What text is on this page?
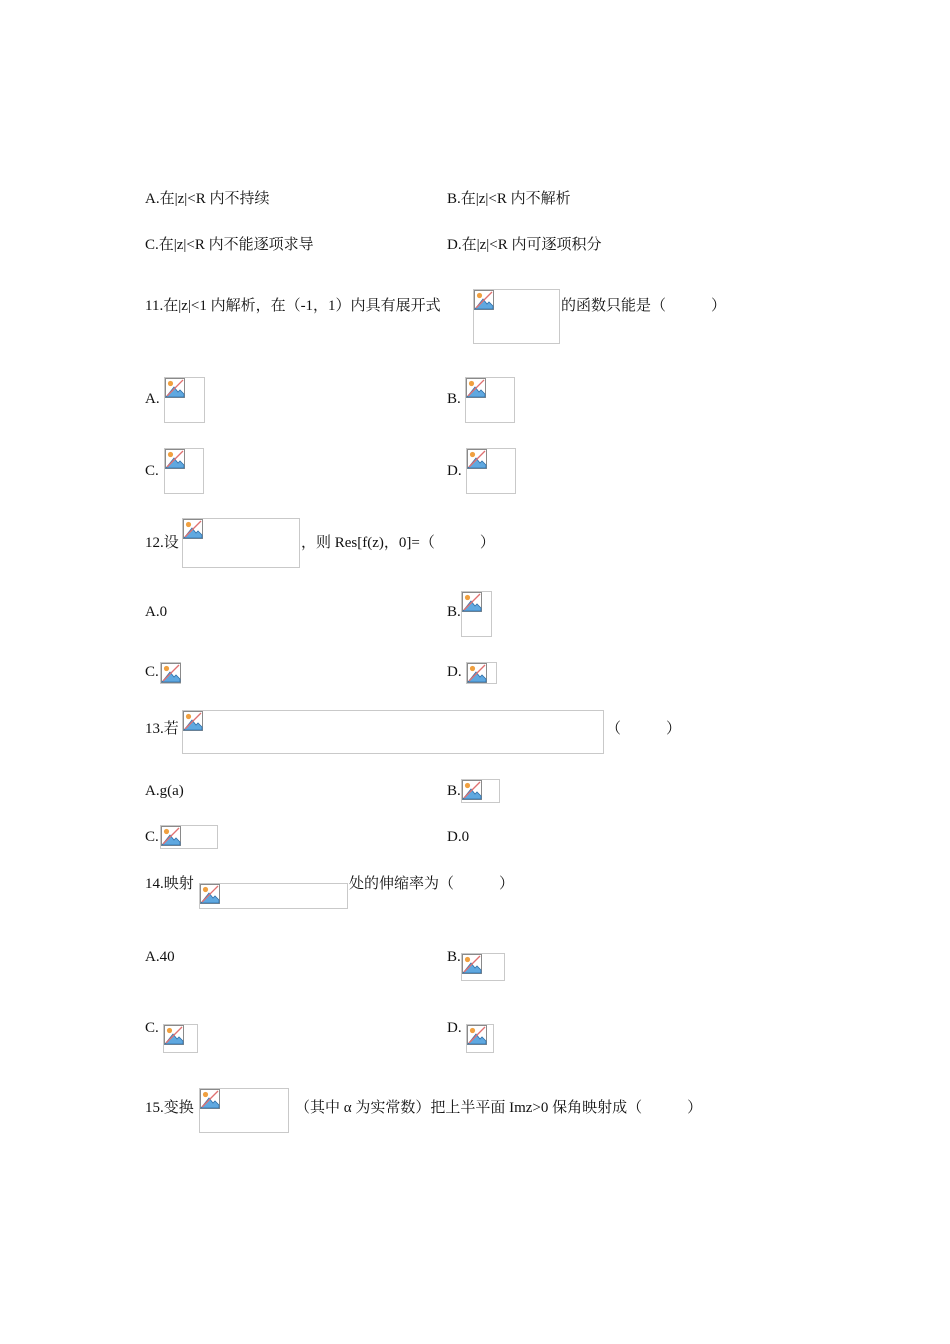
A.在|z|<R 内不持续	B.在|z|<R 内不解析
C.在|z|<R 内不能逐项求导	D.在|z|<R 内可逐项积分
11.在|z|<1 内解析，在（-1，1）内具有展开式	的函数只能是（　　　）
A.	B.
C.	D.
12.设	，则 Res[f(z)，0]=（　　　）
A.0	B.
C.	D.
13.若	（　　　）
A.g(a)	B.
C.	D.0
14.映射	处的伸缩率为（　　　）
A.40	B.
C.	D.
15.变换	（其中 α 为实常数）把上半平面 Imz>0 保角映射成（　　　）
